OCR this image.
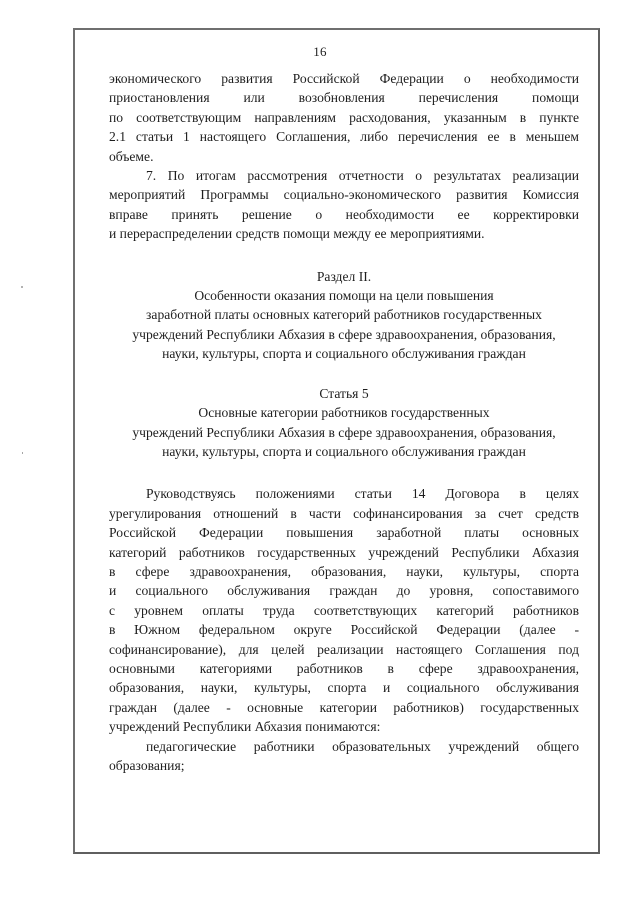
16

экономического развития Российской Федерации о необходимости

приостановления или возобновления перечисления помощи

по соответствующим направлениям расходования, указанным в пункте

2.1 статьи 1 настоящего Соглашения, либо перечисления ее в меньшем

объеме.

7. По итогам рассмотрения отчетности о результатах реализации

мероприятий Программы социально-экономического развития Комиссия

вправе принять решение о необходимости ее корректировки

и перераспределении средств помощи между ее мероприятиями.

Раздел II.

Особенности оказания помощи на цели повышения

заработной платы основных категорий работников государственных

учреждений Республики Абхазия в сфере здравоохранения, образования,

науки, культуры, спорта и социального обслуживания граждан

Статья 5

Основные категории работников государственных

учреждений Республики Абхазия в сфере здравоохранения, образования,

науки, культуры, спорта и социального обслуживания граждан

Руководствуясь положениями статьи 14 Договора в целях

урегулирования отношений в части софинансирования за счет средств

Российской Федерации повышения заработной платы основных

категорий работников государственных учреждений Республики Абхазия

в сфере здравоохранения, образования, науки, культуры, спорта

и социального обслуживания граждан до уровня, сопоставимого

с уровнем оплаты труда соответствующих категорий работников

в Южном федеральном округе Российской Федерации (далее -

софинансирование), для целей реализации настоящего Соглашения под

основными категориями работников в сфере здравоохранения,

образования, науки, культуры, спорта и социального обслуживания

граждан (далее - основные категории работников) государственных

учреждений Республики Абхазия понимаются:

педагогические работники образовательных учреждений общего

образования;
